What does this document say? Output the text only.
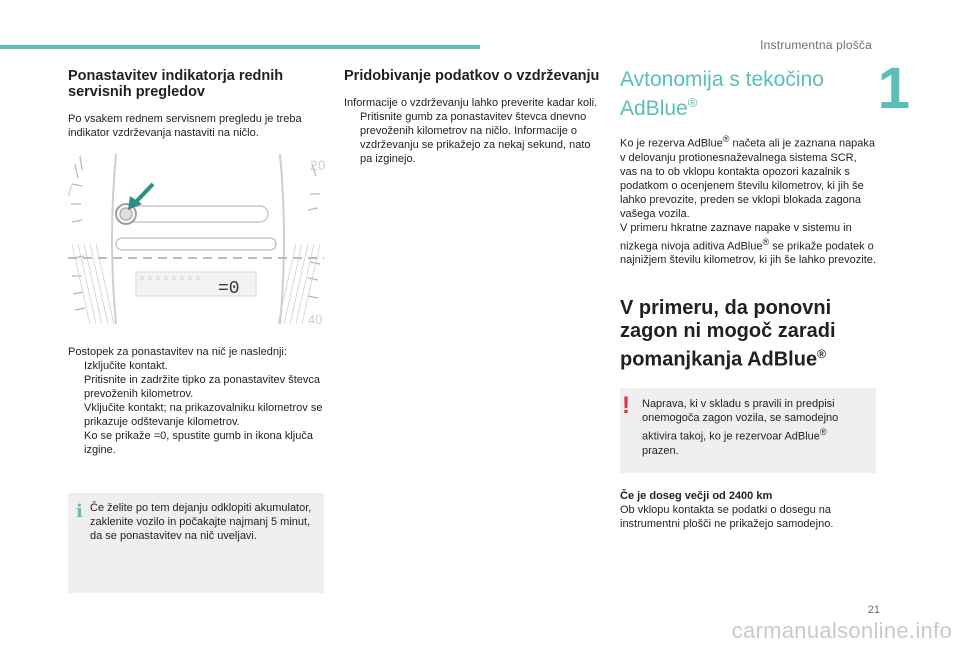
Instrumentna plošča
1
Ponastavitev indikatorja rednih servisnih pregledov

Po vsakem rednem servisnem pregledu je treba indikator vzdrževanja nastaviti na ničlo.

/
20
40
=0

Postopek za ponastavitev na nič je naslednji:

Izključite kontakt.
Pritisnite in zadržite tipko za ponastavitev števca prevoženih kilometrov.
Vključite kontakt; na prikazovalniku kilometrov se prikazuje odštevanje kilometrov.
Ko se prikaže =0, spustite gumb in ikona ključa izgine.
i Če želite po tem dejanju odklopiti akumulator, zaklenite vozilo in počakajte najmanj 5 minut, da se ponastavitev na nič uveljavi.

Pridobivanje podatkov o vzdrževanju

Informacije o vzdrževanju lahko preverite kadar koli.

Pritisnite gumb za ponastavitev števca dnevno prevoženih kilometrov na ničlo. Informacije o vzdrževanju se prikažejo za nekaj sekund, nato pa izginejo.
Avtonomija s tekočino AdBlue®

Ko je rezerva AdBlue® načeta ali je zaznana napaka v delovanju protionesnaževalnega sistema SCR, vas na to ob vklopu kontakta opozori kazalnik s podatkom o ocenjenem številu kilometrov, ki jih še lahko prevozite, preden se vklopi blokada zagona vašega vozila.

V primeru hkratne zaznave napake v sistemu in nizkega nivoja aditiva AdBlue® se prikaže podatek o najnižjem številu kilometrov, ki jih še lahko prevozite.

V primeru, da ponovni zagon ni mogoč zaradi pomanjkanja AdBlue®
! Naprava, ki v skladu s pravili in predpisi onemogoča zagon vozila, se samodejno aktivira takoj, ko je rezervoar AdBlue® prazen.

Če je doseg večji od 2400 km

Ob vklopu kontakta se podatki o dosegu na instrumentni plošči ne prikažejo samodejno.

21
carmanualsonline.info
